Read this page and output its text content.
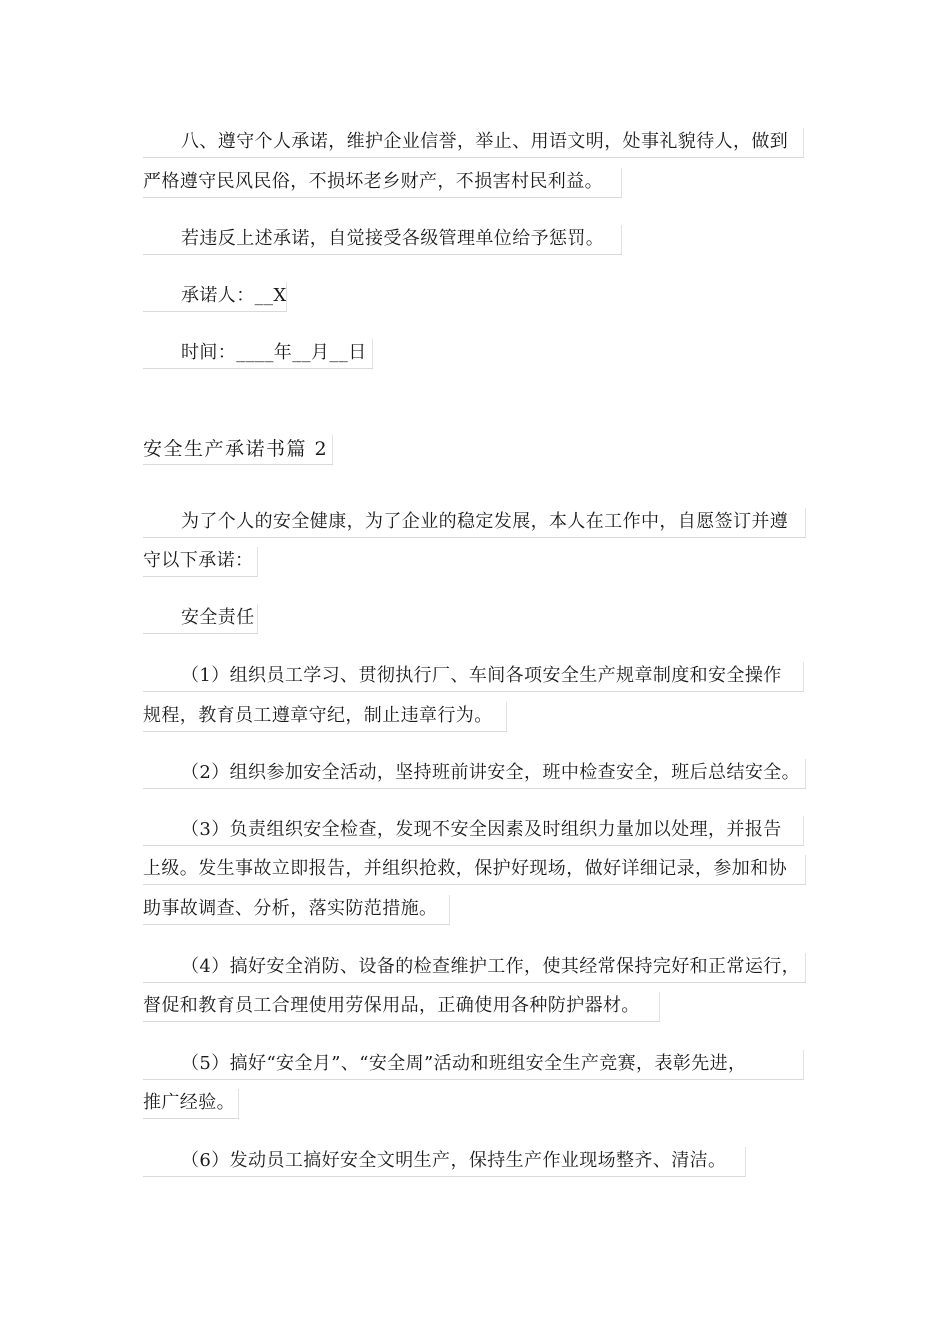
八、遵守个人承诺，维护企业信誉，举止、用语文明，处事礼貌待人，做到
严格遵守民风民俗，不损坏老乡财产，不损害村民利益。
若违反上述承诺，自觉接受各级管理单位给予惩罚。
承诺人：__X
时间：____年__月__日
安全生产承诺书篇 2
为了个人的安全健康，为了企业的稳定发展，本人在工作中，自愿签订并遵
守以下承诺：
安全责任
（1）组织员工学习、贯彻执行厂、车间各项安全生产规章制度和安全操作
规程，教育员工遵章守纪，制止违章行为。
（2）组织参加安全活动，坚持班前讲安全，班中检查安全，班后总结安全。
（3）负责组织安全检查，发现不安全因素及时组织力量加以处理，并报告
上级。发生事故立即报告，并组织抢救，保护好现场，做好详细记录，参加和协
助事故调查、分析，落实防范措施。
（4）搞好安全消防、设备的检查维护工作，使其经常保持完好和正常运行，
督促和教育员工合理使用劳保用品，正确使用各种防护器材。
（5）搞好“安全月”、“安全周”活动和班组安全生产竞赛，表彰先进，
推广经验。
（6）发动员工搞好安全文明生产，保持生产作业现场整齐、清洁。
